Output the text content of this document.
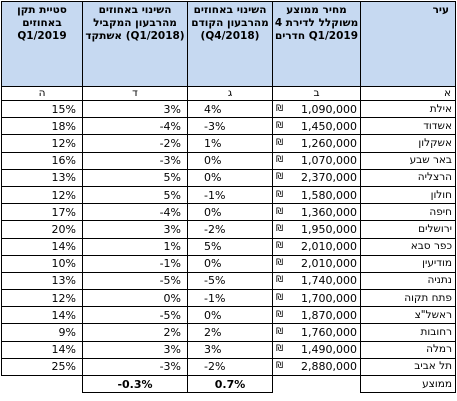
סטיית תקן באחוזים Q1/2019	השינוי באחוזים מהרבעון המקביל אשתקד (Q1/2018)	השינוי באחוזים מהרבעון הקודם (Q4/2018)	מחיר ממוצע משוקלל לדירת 4 חדרים Q1/2019	עיר
ה	ד	ג	ב	א
15%	3%	4%	₪ 1,090,000	אילת
18%	-4%	-3%	₪ 1,450,000	אשדוד
12%	-2%	1%	₪ 1,260,000	אשקלון
16%	-3%	0%	₪ 1,070,000	באר שבע
13%	5%	0%	₪ 2,370,000	הרצליה
12%	5%	-1%	₪ 1,580,000	חולון
17%	-4%	0%	₪ 1,360,000	חיפה
20%	3%	-2%	₪ 1,950,000	ירושלים
14%	1%	5%	₪ 2,010,000	כפר סבא
10%	-1%	0%	₪ 2,010,000	מודיעין
13%	-5%	-5%	₪ 1,740,000	נתניה
12%	0%	-1%	₪ 1,700,000	פתח תקוה
14%	-5%	0%	₪ 1,870,000	ראשל"צ
9%	2%	2%	₪ 1,760,000	רחובות
14%	3%	3%	₪ 1,490,000	רמלה
25%	-3%	-2%	₪ 2,880,000	תל אביב
	-0.3%	0.7%		ממוצע
